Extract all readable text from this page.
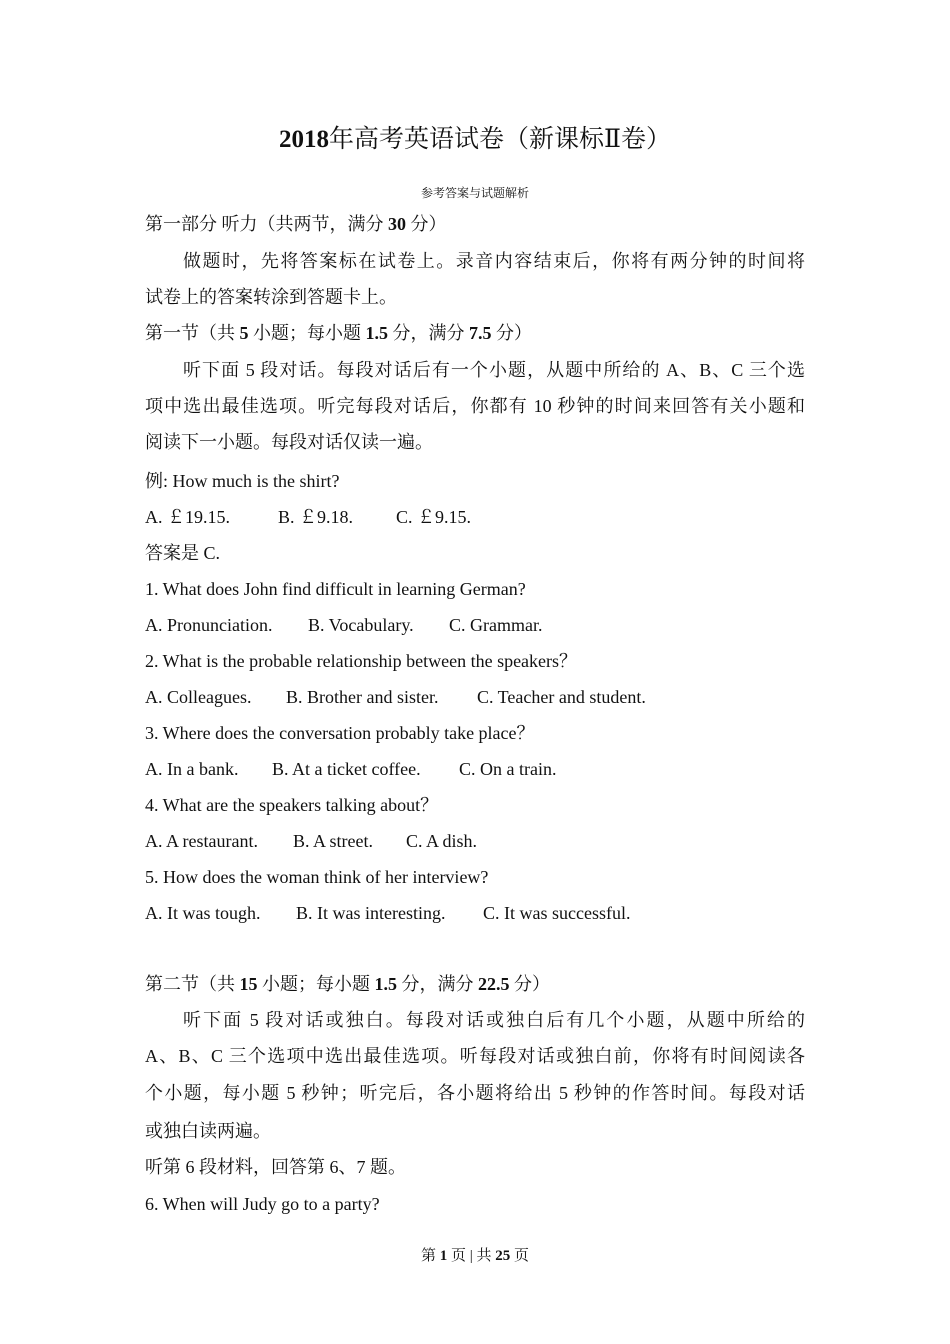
2018年高考英语试卷（新课标Ⅱ卷）
参考答案与试题解析
第一部分 听力（共两节，满分 30 分）
做题时，先将答案标在试卷上。录音内容结束后，你将有两分钟的时间将
试卷上的答案转涂到答题卡上。
第一节（共 5 小题；每小题 1.5 分，满分 7.5 分）
听下面 5 段对话。每段对话后有一个小题，从题中所给的 A、B、C 三个选
项中选出最佳选项。听完每段对话后，你都有 10 秒钟的时间来回答有关小题和
阅读下一小题。每段对话仅读一遍。
例: How much is the shirt?
A. ￡19.15.	B. ￡9.18. C. ￡9.15.
答案是 C.
1. What does John find difficult in learning German?
A. Pronunciation. B. Vocabulary. C. Grammar.
2. What is the probable relationship between the speakers？
A. Colleagues. B. Brother and sister. C. Teacher and student.
3. Where does the conversation probably take place？
A. In a bank. B. At a ticket coffee. C. On a train.
4. What are the speakers talking about？
A. A restaurant. B. A street. C. A dish.
5. How does the woman think of her interview?
A. It was tough. B. It was interesting. C. It was successful.
第二节（共 15 小题；每小题 1.5 分，满分 22.5 分）
听下面 5 段对话或独白。每段对话或独白后有几个小题，从题中所给的
A、B、C 三个选项中选出最佳选项。听每段对话或独白前，你将有时间阅读各
个小题，每小题 5 秒钟；听完后，各小题将给出 5 秒钟的作答时间。每段对话
或独白读两遍。
听第 6 段材料，回答第 6、7 题。
6. When will Judy go to a party?
第 1 页 | 共 25 页
